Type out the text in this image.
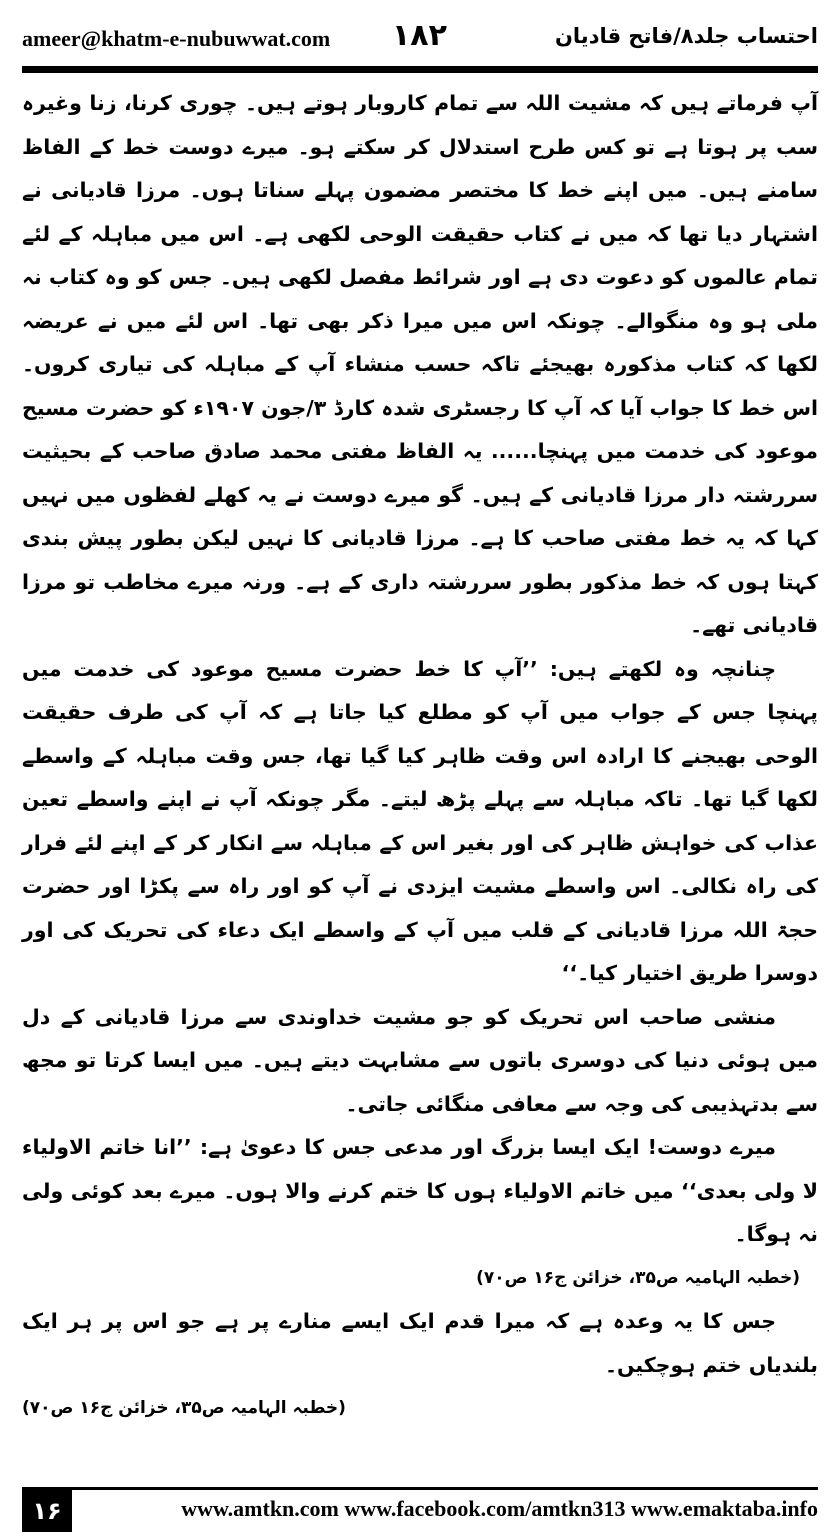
ameer@khatm-e-nubuwwat.com ۱۸۲	احتساب جلد۸/فاتح قادیان

آپ فرماتے ہیں کہ مشیت اللہ سے تمام کاروبار ہوتے ہیں۔ چوری کرنا، زنا وغیرہ سب پر ہوتا ہے تو کس طرح استدلال کر سکتے ہو۔ میرے دوست خط کے الفاظ سامنے ہیں۔ میں اپنے خط کا مختصر مضمون پہلے سناتا ہوں۔ مرزا قادیانی نے اشتہار دیا تھا کہ میں نے کتاب حقیقت الوحی لکھی ہے۔ اس میں مباہلہ کے لئے تمام عالموں کو دعوت دی ہے اور شرائط مفصل لکھی ہیں۔ جس کو وہ کتاب نہ ملی ہو وہ منگوالے۔ چونکہ اس میں میرا ذکر بھی تھا۔ اس لئے میں نے عریضہ لکھا کہ کتاب مذکورہ بھیجئے تاکہ حسب منشاء آپ کے مباہلہ کی تیاری کروں۔ اس خط کا جواب آیا کہ آپ کا رجسٹری شدہ کارڈ ۳/جون ۱۹۰۷ء کو حضرت مسیح موعود کی خدمت میں پہنچا...... یہ الفاظ مفتی محمد صادق صاحب کے بحیثیت سررشتہ دار مرزا قادیانی کے ہیں۔ گو میرے دوست نے یہ کھلے لفظوں میں نہیں کہا کہ یہ خط مفتی صاحب کا ہے۔ مرزا قادیانی کا نہیں لیکن بطور پیش بندی کہتا ہوں کہ خط مذکور بطور سررشتہ داری کے ہے۔ ورنہ میرے مخاطب تو مرزا قادیانی تھے۔

چنانچہ وہ لکھتے ہیں: ’’آپ کا خط حضرت مسیح موعود کی خدمت میں پہنچا جس کے جواب میں آپ کو مطلع کیا جاتا ہے کہ آپ کی طرف حقیقت الوحی بھیجنے کا ارادہ اس وقت ظاہر کیا گیا تھا، جس وقت مباہلہ کے واسطے لکھا گیا تھا۔ تاکہ مباہلہ سے پہلے پڑھ لیتے۔ مگر چونکہ آپ نے اپنے واسطے تعین عذاب کی خواہش ظاہر کی اور بغیر اس کے مباہلہ سے انکار کر کے اپنے لئے فرار کی راہ نکالی۔ اس واسطے مشیت ایزدی نے آپ کو اور راہ سے پکڑا اور حضرت حجۃ اللہ مرزا قادیانی کے قلب میں آپ کے واسطے ایک دعاء کی تحریک کی اور دوسرا طریق اختیار کیا۔‘‘

منشی صاحب اس تحریک کو جو مشیت خداوندی سے مرزا قادیانی کے دل میں ہوئی دنیا کی دوسری باتوں سے مشابہت دیتے ہیں۔ میں ایسا کرتا تو مجھ سے بدتہذیبی کی وجہ سے معافی منگائی جاتی۔

میرے دوست! ایک ایسا بزرگ اور مدعی جس کا دعویٰ ہے: ’’انا خاتم الاولیاء لا ولی بعدی‘‘ میں خاتم الاولیاء ہوں کا ختم کرنے والا ہوں۔ میرے بعد کوئی ولی نہ ہوگا۔

(خطبہ الہامیہ ص۳۵، خزائن ج۱۶ ص۷۰)

جس کا یہ وعدہ ہے کہ میرا قدم ایک ایسے منارے پر ہے جو اس پر ہر ایک بلندیاں ختم ہوچکیں۔

(خطبہ الہامیہ ص۳۵، خزائن ج۱۶ ص۷۰)

۱۶	www.amtkn.com www.facebook.com/amtkn313 www.emaktaba.info
